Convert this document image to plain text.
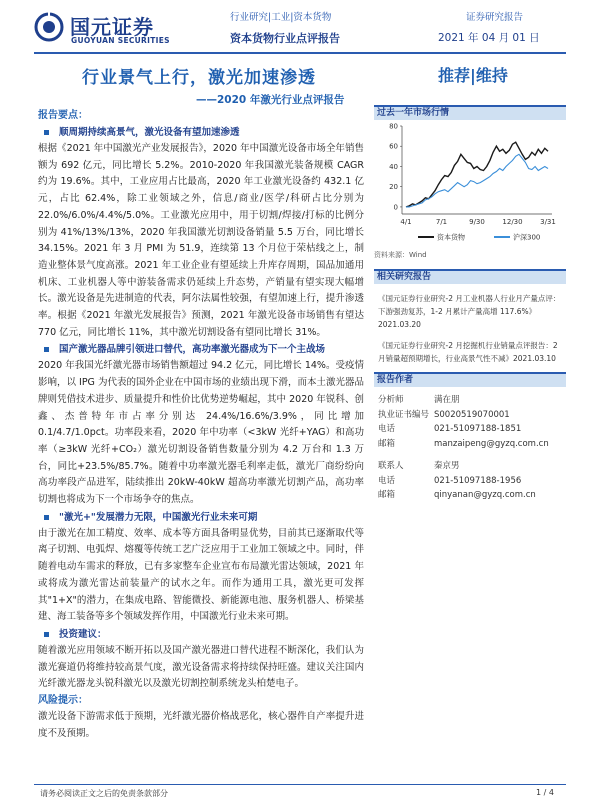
国元证券
GUOYUAN SECURITIES
行业研究|工业|资本货物	证券研究报告
资本货物行业点评报告	2021 年 04 月 01 日
行业景气上行，激光加速渗透
——2020 年激光行业点评报告
推荐|维持
报告要点：
顺周期持续高景气，激光设备有望加速渗透
根据《2021 年中国激光产业发展报告》，2020 年中国激光设备市场全年销售额为 692 亿元，同比增长 5.2%。2010-2020 年我国激光装备规模 CAGR 约为 19.6%。其中，工业应用占比最高，2020 年工业激光设备约 432.1 亿元，占比 62.4%，除工业领域之外，信息/商业/医学/科研占比分别为 22.0%/6.0%/4.4%/5.0%。工业激光应用中，用于切割/焊接/打标的比例分别为 41%/13%/13%，2020 年我国激光切割设备销量 5.5 万台，同比增长 34.15%。2021 年 3 月 PMI 为 51.9，连续第 13 个月位于荣枯线之上，制造业整体景气度高涨。2021 年工业企业有望延续上升库存周期，国品加通用机床、工业机器人等中游装备需求仍延续上升态势，产销量有望实现大幅增长。激光设备是先进制造的代表，阿尔法属性较强，有望加速上行，提升渗透率。根据《2021 年激光发展报告》预测，2021 年激光设备市场销售有望达 770 亿元，同比增长 11%，其中激光切割设备有望同比增长 31%。
国产激光器品牌引领进口替代，高功率激光器成为下一个主战场
2020 年我国光纤激光器市场销售额超过 94.2 亿元，同比增长 14%。受疫情影响，以 IPG 为代表的国外企业在中国市场的业绩出现下滑，而本土激光器品牌则凭借技术进步、质量提升和性价比优势逆势崛起，其中 2020 年锐科、创鑫、杰普特年市占率分别达 24.4%/16.6%/3.9%，同比增加 0.1/4.7/1.0pct。功率段来看，2020 年中功率（<3kW 光纤+YAG）和高功率（≥3kW 光纤+CO₂）激光切割设备销售数量分别为 4.2 万台和 1.3 万台，同比+23.5%/85.7%。随着中功率激光器毛利率走低，激光厂商纷纷向高功率段产品进军，陆续推出 20kW-40kW 超高功率激光切割产品，高功率切割也将成为下一个市场争夺的焦点。
"激光+"发展潜力无限，中国激光行业未来可期
由于激光在加工精度、效率、成本等方面具备明显优势，目前其已逐渐取代等离子切割、电弧焊、熔覆等传统工艺广泛应用于工业加工领域之中。同时，伴随着电动车需求的释放，已有多家整车企业宣布布局激光雷达领域，2021 年或将成为激光雷达前装量产的试水之年。而作为通用工具，激光更可发挥其"1+X"的潜力，在集成电路、智能微投、新能源电池、服务机器人、桥梁基建、海工装备等多个领域发挥作用，中国激光行业未来可期。
投资建议：
随着激光应用领域不断开拓以及国产激光器进口替代进程不断深化，我们认为激光赛道仍将维持较高景气度，激光设备需求将持续保持旺盛。建议关注国内光纤激光器龙头锐科激光以及激光切割控制系统龙头柏楚电子。
风险提示：
激光设备下游需求低于预期，光纤激光器价格战恶化，核心器件自产率提升进度不及预期。
过去一年市场行情
0
20
40
60
80
4/1	7/1	9/30	12/30	3/31
资本货物	沪深300
资料来源：Wind
相关研究报告
《国元证券行业研究-2 月工业机器人行业月产量点评：下游强劲复苏，1-2 月累计产量高增 117.6%》2021.03.20
《国元证券行业研究-2 月挖掘机行业销量点评报告：2 月销量超预期增长，行业高景气性不减》2021.03.10
报告作者
分析师	满在朋
执业证书编号 S0020519070001
电话	021-51097188-1851
邮箱	manzaipeng@gyzq.com.cn
联系人	秦京男
电话	021-51097188-1956
邮箱	qinyanan@gyzq.com.cn
请务必阅读正文之后的免责条款部分	1 / 4
